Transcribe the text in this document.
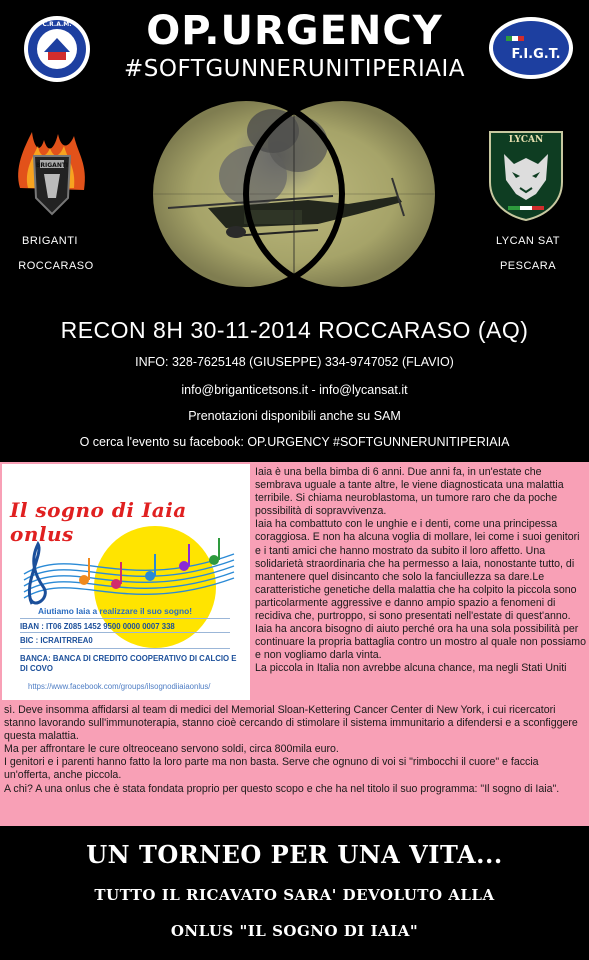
OP.URGENCY
#SOFTGUNNERUNITIPERIAIA
C.R.A.M.
F.I.G.T.
BRIGANTI
LYCAN
BRIGANTI
ROCCARASO
LYCAN SAT
PESCARA
RECON 8H 30-11-2014 ROCCARASO (AQ)
INFO: 328-7625148 (GIUSEPPE) 334-9747052 (FLAVIO)
info@briganticetsons.it - info@lycansat.it
Prenotazioni disponibili anche su SAM
O cerca l'evento su facebook: OP.URGENCY #SOFTGUNNERUNITIPERIAIA
Il sogno di Iaia onlus
Aiutiamo Iaia a realizzare il suo sogno!
IBAN : IT06 Z085 1452 9500 0000 0007 338
BIC : ICRAITRREA0
BANCA: BANCA DI CREDITO COOPERATIVO DI CALCIO E DI COVO
https://www.facebook.com/groups/ilsognodiiaiaonlus/

Iaia è una bella bimba di 6 anni. Due anni fa, in un'estate che sembrava uguale a tante altre, le viene diagnosticata una malattia terribile. Si chiama neuroblastoma, un tumore raro che da poche possibilità di sopravvivenza.

Iaia ha combattuto con le unghie e i denti, come una principessa coraggiosa. E non ha alcuna voglia di mollare, lei come i suoi genitori e i tanti amici che hanno mostrato da subito il loro affetto. Una solidarietà straordinaria che ha permesso a Iaia, nonostante tutto, di mantenere quel disincanto che solo la fanciullezza sa dare.Le caratteristiche genetiche della malattia che ha colpito la piccola sono particolarmente aggressive e danno ampio spazio a fenomeni di recidiva che, purtroppo, si sono presentati nell'estate di quest'anno.

Iaia ha ancora bisogno di aiuto perché ora ha una sola possibilità per continuare la propria battaglia contro un mostro al quale non possiamo e non vogliamo darla vinta.

La piccola in Italia non avrebbe alcuna chance, ma negli Stati Uniti

sì. Deve insomma affidarsi al team di medici del Memorial Sloan-Kettering Cancer Center di New York, i cui ricercatori stanno lavorando sull'immunoterapia, stanno cioè cercando di stimolare il sistema immunitario a difendersi e a sconfiggere questa malattia.

Ma per affrontare le cure oltreoceano servono soldi, circa 800mila euro.

I genitori e i parenti hanno fatto la loro parte ma non basta. Serve che ognuno di voi si "rimbocchi il cuore" e faccia un'offerta, anche piccola.

A chi? A una onlus che è stata fondata proprio per questo scopo e che ha nel titolo il suo programma: "Il sogno di Iaia".

UN TORNEO PER UNA VITA...
TUTTO IL RICAVATO SARA' DEVOLUTO ALLA
ONLUS "IL SOGNO DI IAIA"
